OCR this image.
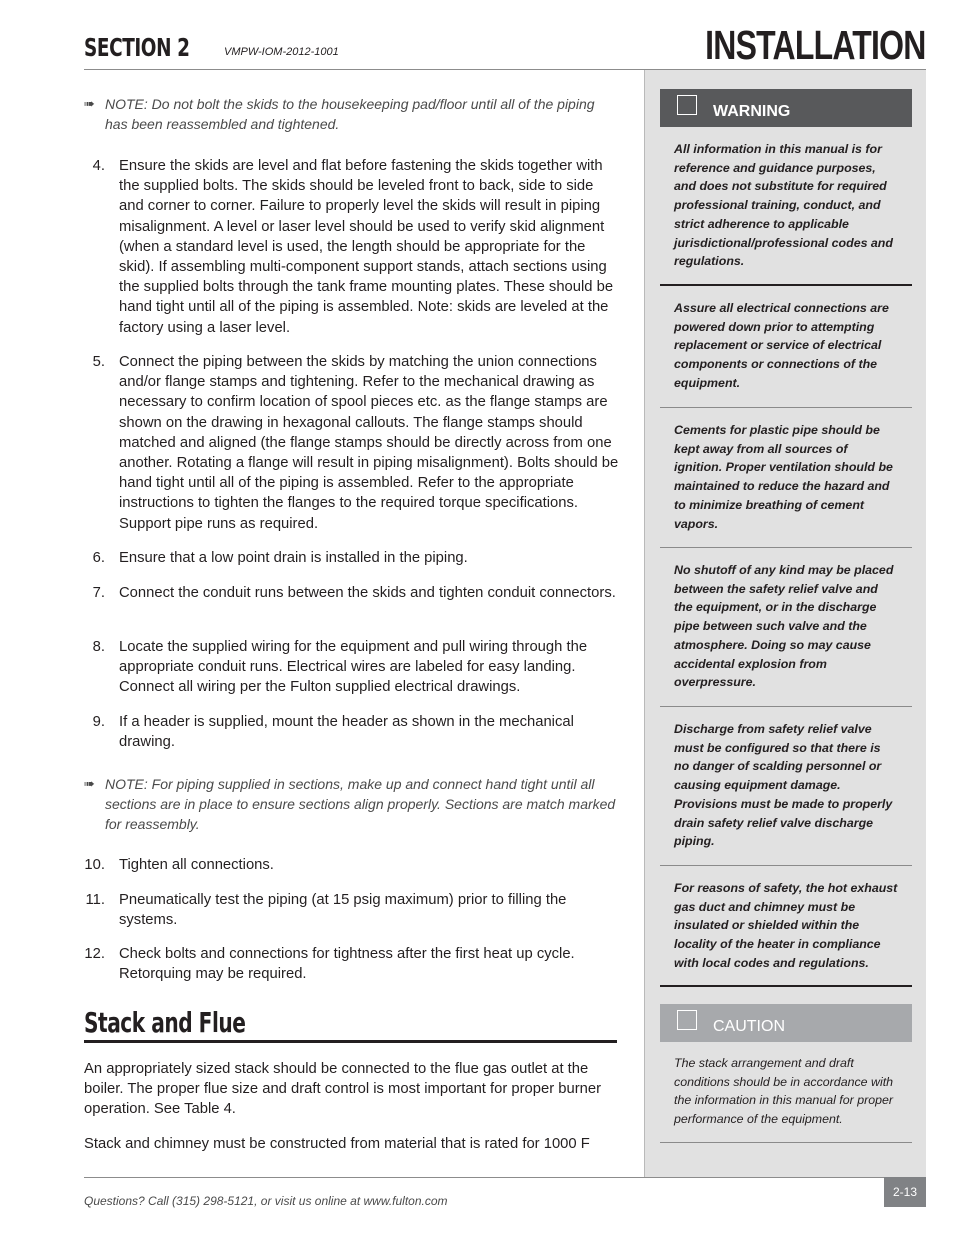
SECTION 2	VMPW-IOM-2012-1001	INSTALLATION
➠ NOTE: Do not bolt the skids to the housekeeping pad/floor until all of the piping has been reassembled and tightened.
4. Ensure the skids are level and flat before fastening the skids together with the supplied bolts. The skids should be leveled front to back, side to side and corner to corner. Failure to properly level the skids will result in piping misalignment. A level or laser level should be used to verify skid alignment (when a standard level is used, the length should be appropriate for the skid). If assembling multi-component support stands, attach sections using the supplied bolts through the tank frame mounting plates. These should be hand tight until all of the piping is assembled. Note: skids are leveled at the factory using a laser level.
5. Connect the piping between the skids by matching the union connections and/or flange stamps and tightening. Refer to the mechanical drawing as necessary to confirm location of spool pieces etc. as the flange stamps are shown on the drawing in hexagonal callouts. The flange stamps should matched and aligned (the flange stamps should be directly across from one another. Rotating a flange will result in piping misalignment). Bolts should be hand tight until all of the piping is assembled. Refer to the appropriate instructions to tighten the flanges to the required torque specifications. Support pipe runs as required.
6. Ensure that a low point drain is installed in the piping.
7. Connect the conduit runs between the skids and tighten conduit connectors.
8. Locate the supplied wiring for the equipment and pull wiring through the appropriate conduit runs. Electrical wires are labeled for easy landing. Connect all wiring per the Fulton supplied electrical drawings.
9. If a header is supplied, mount the header as shown in the mechanical drawing.
➠ NOTE: For piping supplied in sections, make up and connect hand tight until all sections are in place to ensure sections align properly. Sections are match marked for reassembly.
10. Tighten all connections.
11. Pneumatically test the piping (at 15 psig maximum) prior to filling the systems.
12. Check bolts and connections for tightness after the first heat up cycle. Retorquing may be required.
Stack and Flue
An appropriately sized stack should be connected to the flue gas outlet at the boiler. The proper flue size and draft control is most important for proper burner operation. See Table 4.
Stack and chimney must be constructed from material that is rated for 1000 F
WARNING
All information in this manual is for reference and guidance purposes, and does not substitute for required professional training, conduct, and strict adherence to applicable jurisdictional/professional codes and regulations.
Assure all electrical connections are powered down prior to attempting replacement or service of electrical components or connections of the equipment.
Cements for plastic pipe should be kept away from all sources of ignition. Proper ventilation should be maintained to reduce the hazard and to minimize breathing of cement vapors.
No shutoff of any kind may be placed between the safety relief valve and the equipment, or in the discharge pipe between such valve and the atmosphere. Doing so may cause accidental explosion from overpressure.
Discharge from safety relief valve must be configured so that there is no danger of scalding personnel or causing equipment damage. Provisions must be made to properly drain safety relief valve discharge piping.
For reasons of safety, the hot exhaust gas duct and chimney must be insulated or shielded within the locality of the heater in compliance with local codes and regulations.
CAUTION
The stack arrangement and draft conditions should be in accordance with the information in this manual for proper performance of the equipment.
Questions? Call (315) 298-5121, or visit us online at www.fulton.com
2-13
